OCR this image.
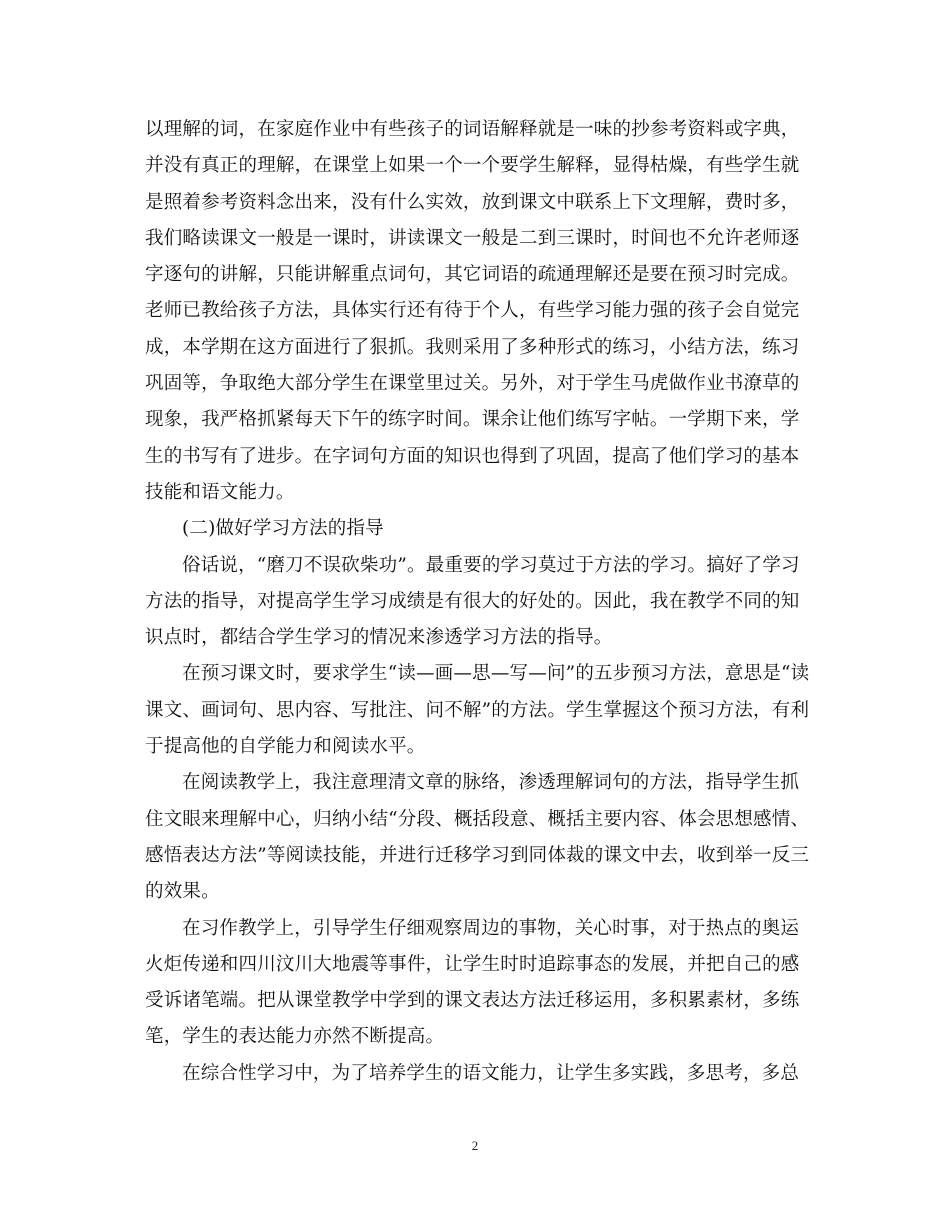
以理解的词，在家庭作业中有些孩子的词语解释就是一味的抄参考资料或字典，
并没有真正的理解，在课堂上如果一个一个要学生解释，显得枯燥，有些学生就
是照着参考资料念出来，没有什么实效，放到课文中联系上下文理解，费时多，
我们略读课文一般是一课时，讲读课文一般是二到三课时，时间也不允许老师逐
字逐句的讲解，只能讲解重点词句，其它词语的疏通理解还是要在预习时完成。
老师已教给孩子方法，具体实行还有待于个人，有些学习能力强的孩子会自觉完
成，本学期在这方面进行了狠抓。我则采用了多种形式的练习，小结方法，练习
巩固等，争取绝大部分学生在课堂里过关。另外，对于学生马虎做作业书潦草的
现象，我严格抓紧每天下午的练字时间。课余让他们练写字帖。一学期下来，学
生的书写有了进步。在字词句方面的知识也得到了巩固，提高了他们学习的基本
技能和语文能力。
(二)做好学习方法的指导
俗话说，“磨刀不误砍柴功”。最重要的学习莫过于方法的学习。搞好了学习
方法的指导，对提高学生学习成绩是有很大的好处的。因此，我在教学不同的知
识点时，都结合学生学习的情况来渗透学习方法的指导。
在预习课文时，要求学生“读—画—思—写—问”的五步预习方法，意思是“读
课文、画词句、思内容、写批注、问不解”的方法。学生掌握这个预习方法，有利
于提高他的自学能力和阅读水平。
在阅读教学上，我注意理清文章的脉络，渗透理解词句的方法，指导学生抓
住文眼来理解中心，归纳小结“分段、概括段意、概括主要内容、体会思想感情、
感悟表达方法”等阅读技能，并进行迁移学习到同体裁的课文中去，收到举一反三
的效果。
在习作教学上，引导学生仔细观察周边的事物，关心时事，对于热点的奥运
火炬传递和四川汶川大地震等事件，让学生时时追踪事态的发展，并把自己的感
受诉诸笔端。把从课堂教学中学到的课文表达方法迁移运用，多积累素材，多练
笔，学生的表达能力亦然不断提高。
在综合性学习中，为了培养学生的语文能力，让学生多实践，多思考，多总
2
